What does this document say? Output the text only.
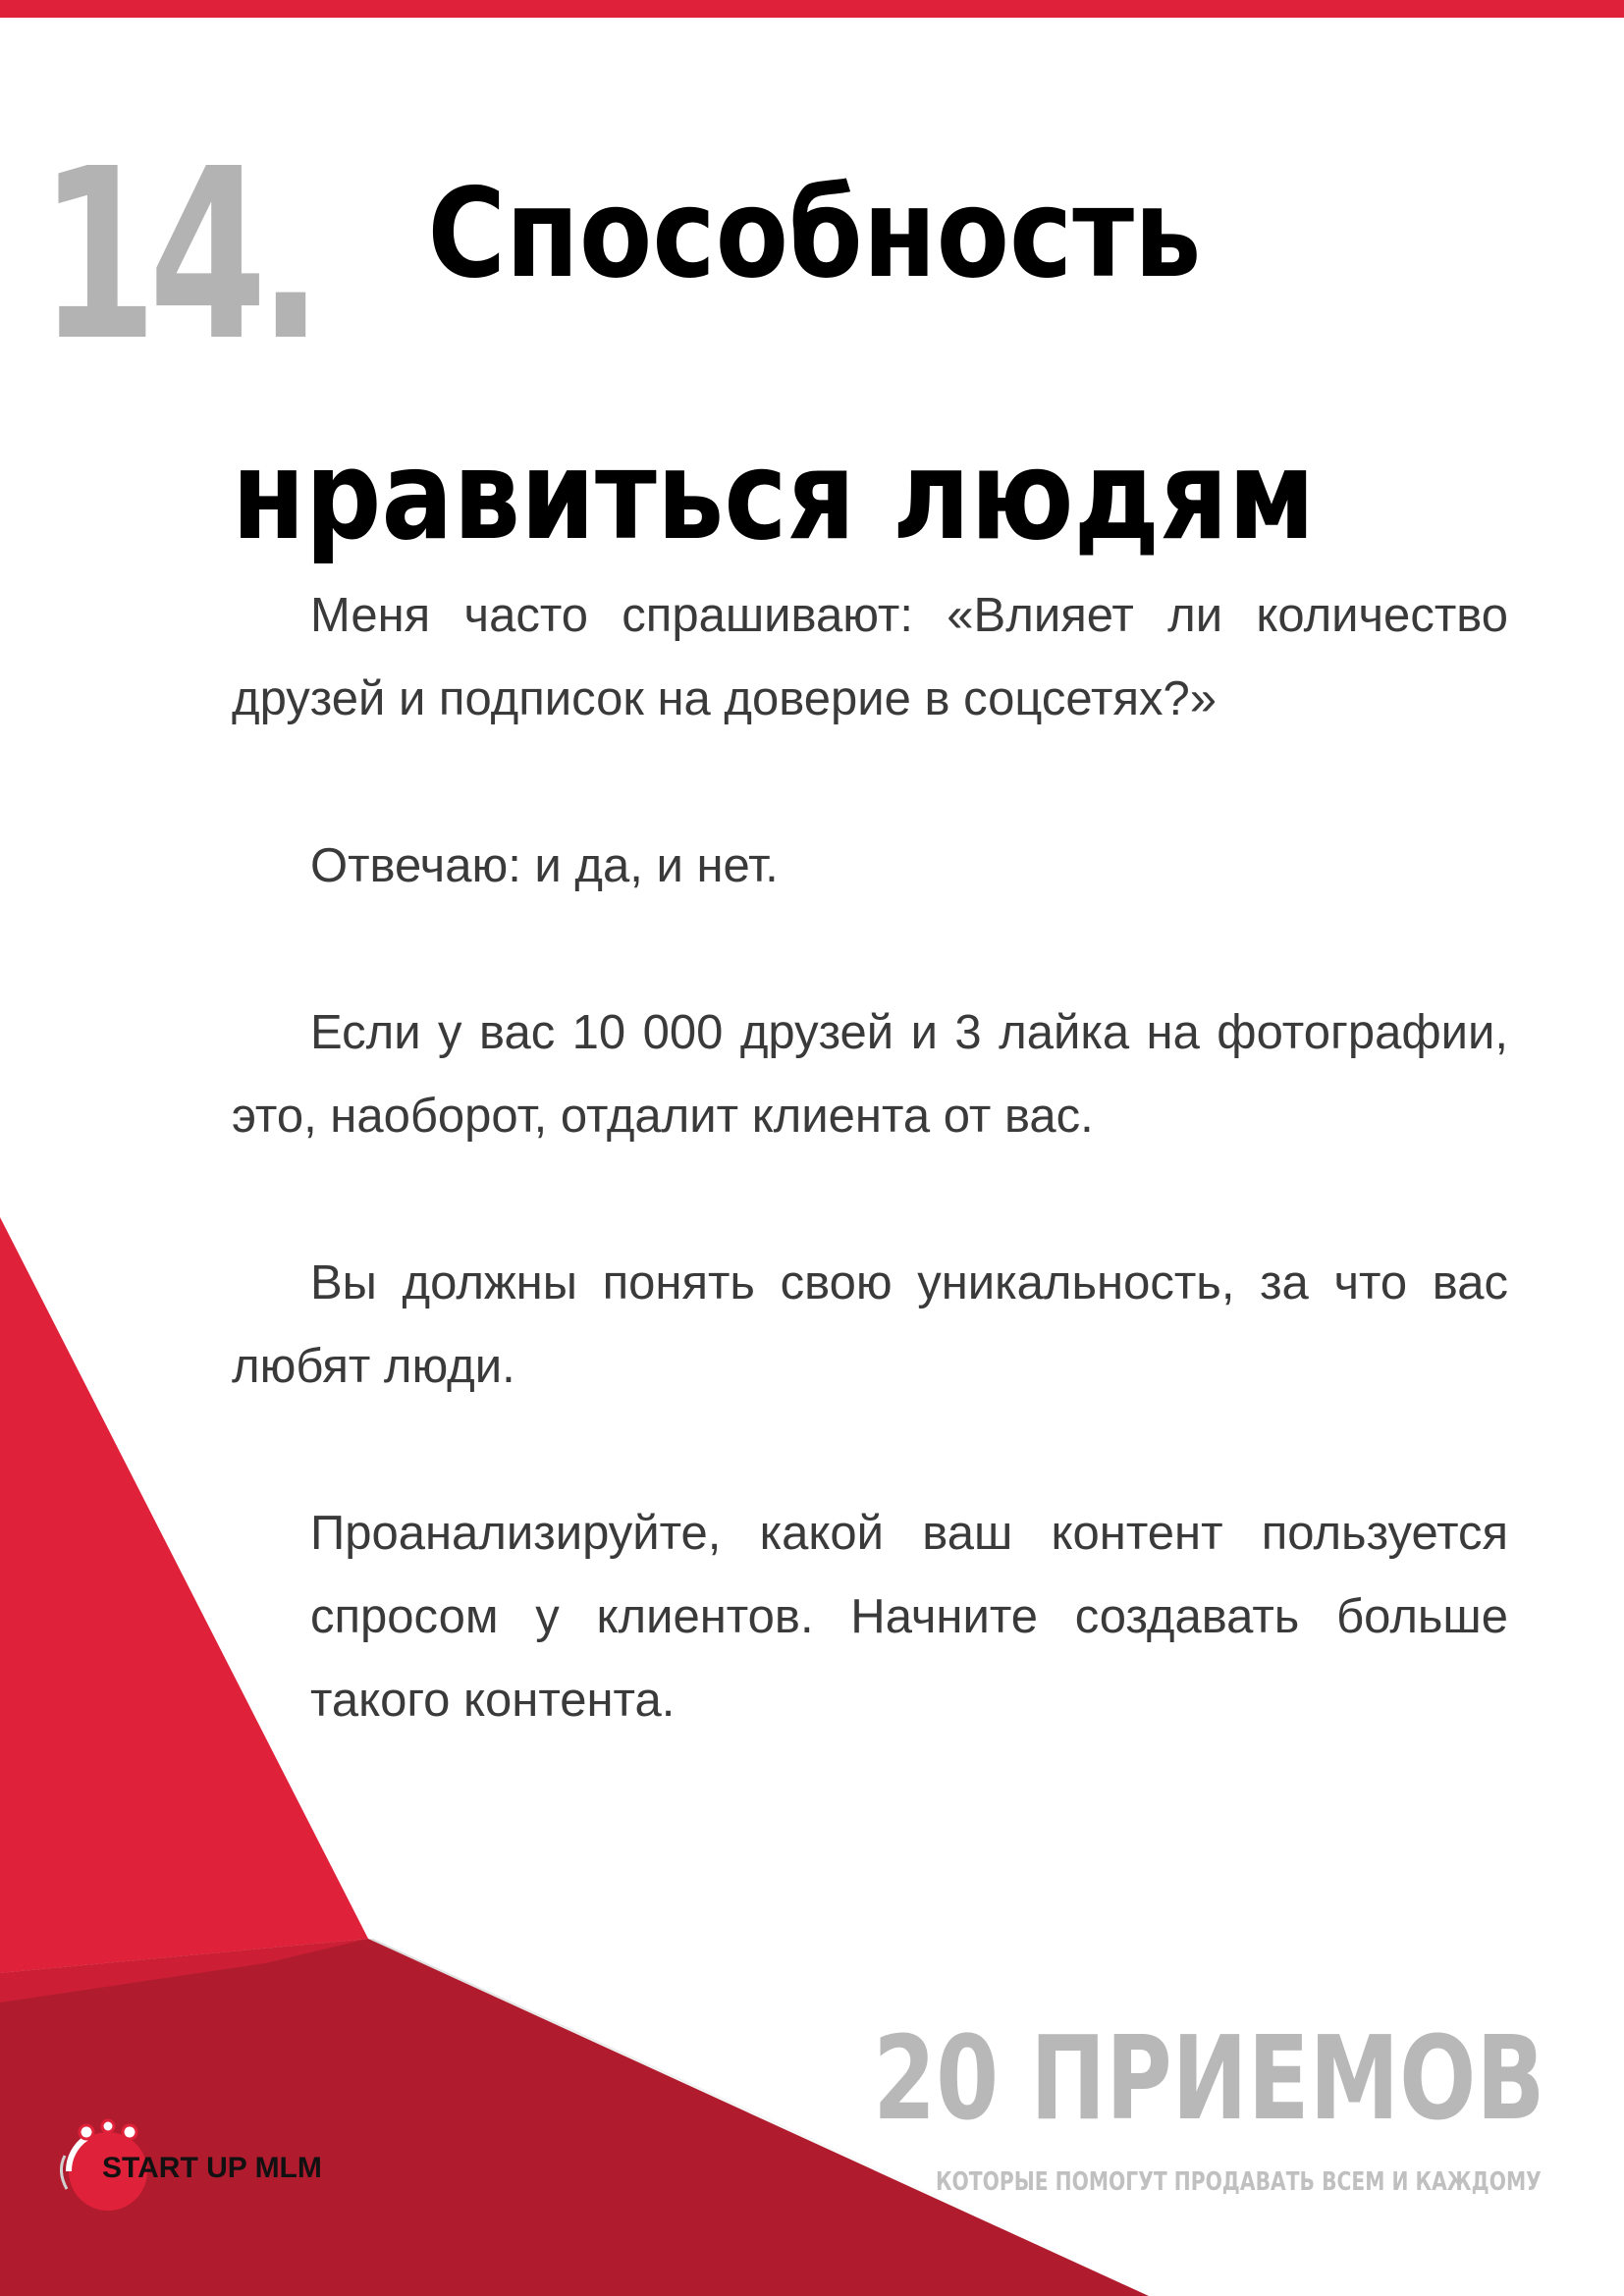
14. Способность
нравиться людям

Меня часто спрашивают: «Влияет ли количество друзей и подписок на доверие в соцсетях?»

Отвечаю: и да, и нет.

Если у вас 10 000 друзей и 3 лайка на фотографии, это, наоборот, отдалит клиента от вас.

Вы должны понять свою уникальность, за что вас любят люди.

Проанализируйте, какой ваш контент пользуется спросом у клиентов. Начните создавать больше такого контента.

20 ПРИЕМОВ
КОТОРЫЕ ПОМОГУТ ПРОДАВАТЬ ВСЕМ И КАЖДОМУ
START UP MLM
